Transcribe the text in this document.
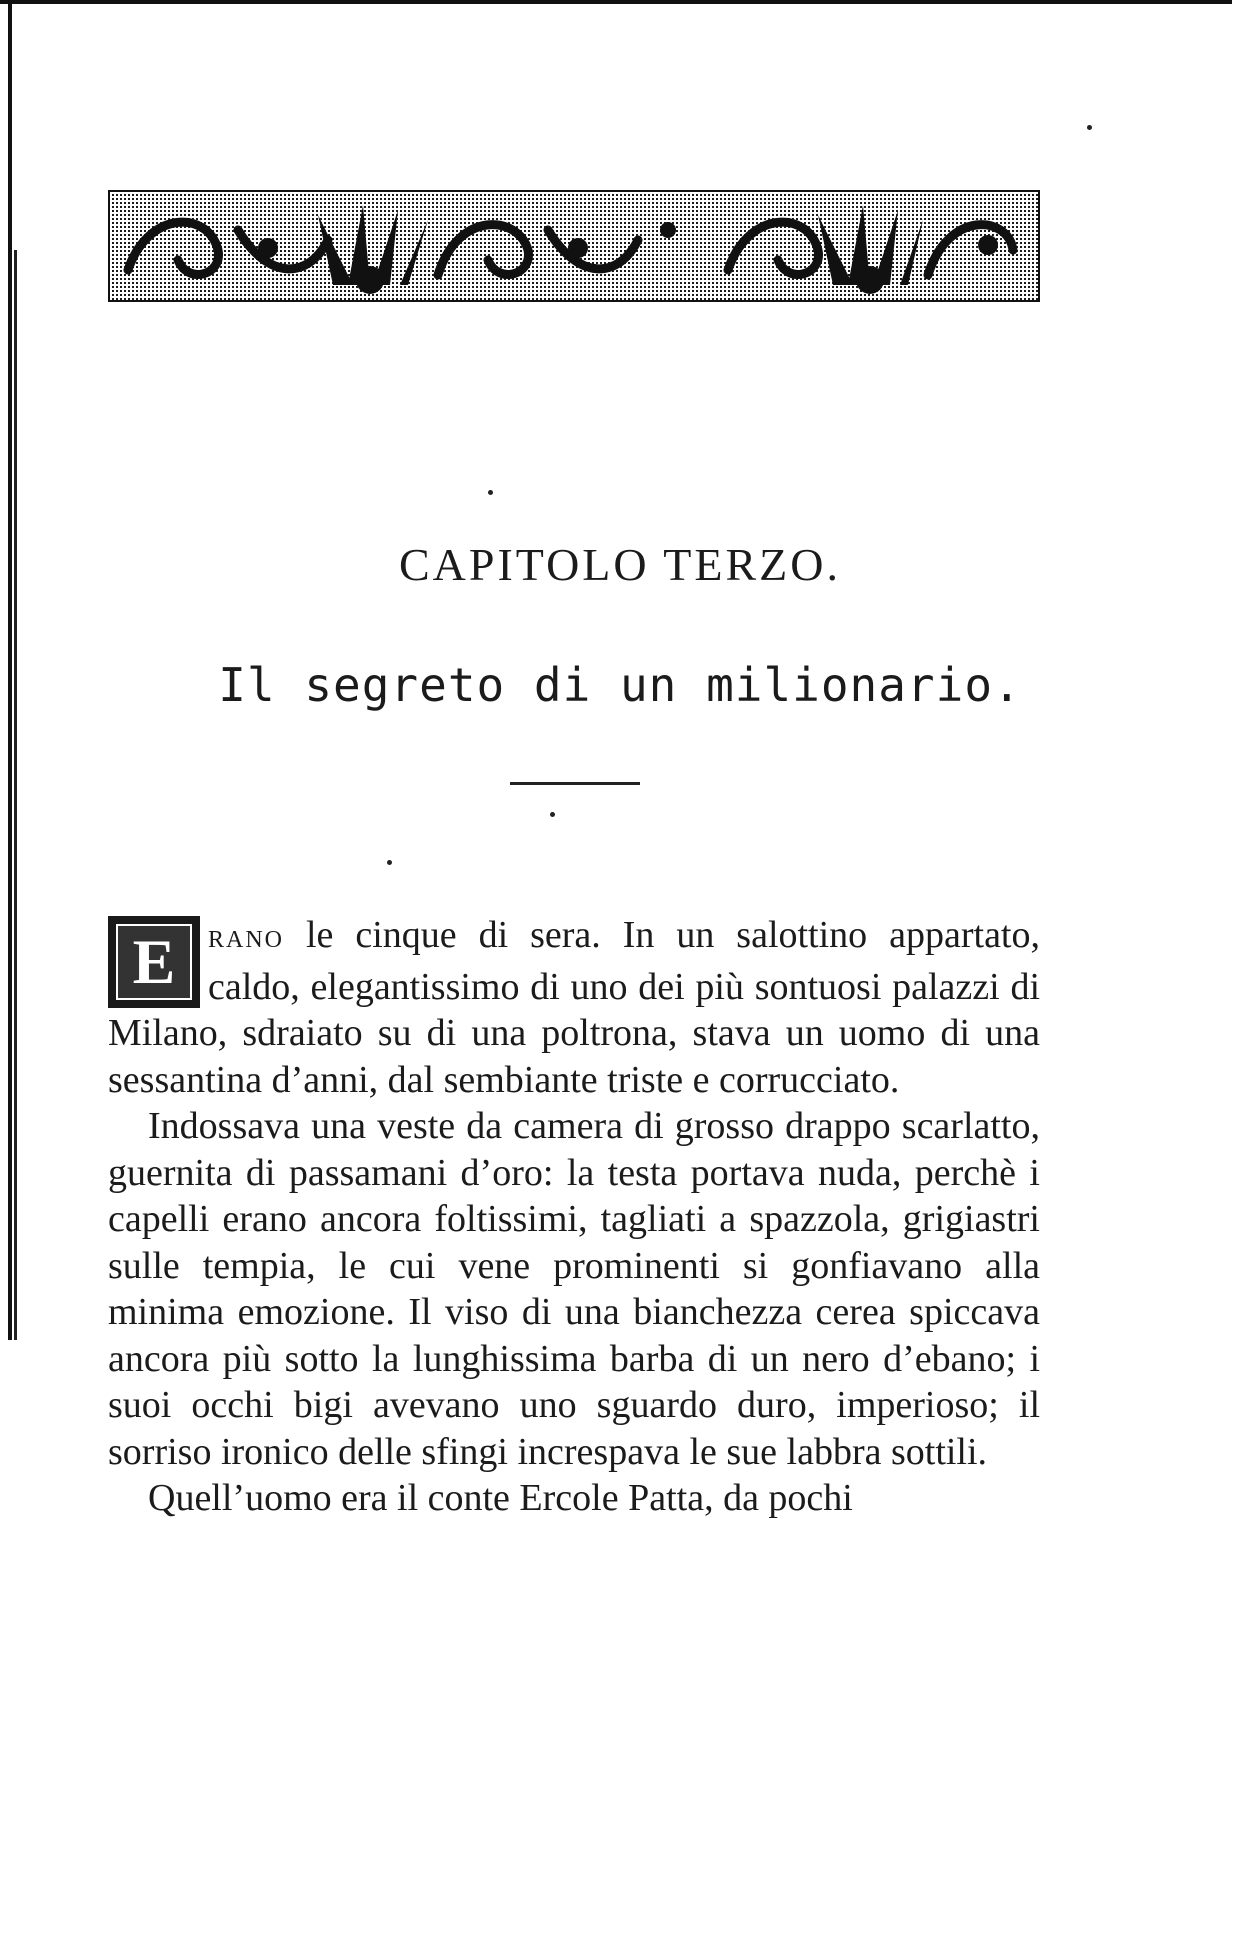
CAPITOLO TERZO.
Il segreto di un milionario.

E	RANO le cinque di sera. In un salottino appartato, caldo, elegantissimo di uno dei più sontuosi palazzi di Milano, sdraiato su di una poltrona, stava un uomo di una sessantina d’anni, dal sembiante triste e corrucciato.

Indossava una veste da camera di grosso drappo scarlatto, guernita di passamani d’oro: la testa portava nuda, perchè i capelli erano ancora foltissimi, tagliati a spazzola, grigiastri sulle tempia, le cui vene prominenti si gonfiavano alla minima emozione. Il viso di una bianchezza cerea spiccava ancora più sotto la lunghissima barba di un nero d’ebano; i suoi occhi bigi avevano uno sguardo duro, imperioso; il sorriso ironico delle sfingi increspava le sue labbra sottili.

Quell’uomo era il conte Ercole Patta, da pochi
